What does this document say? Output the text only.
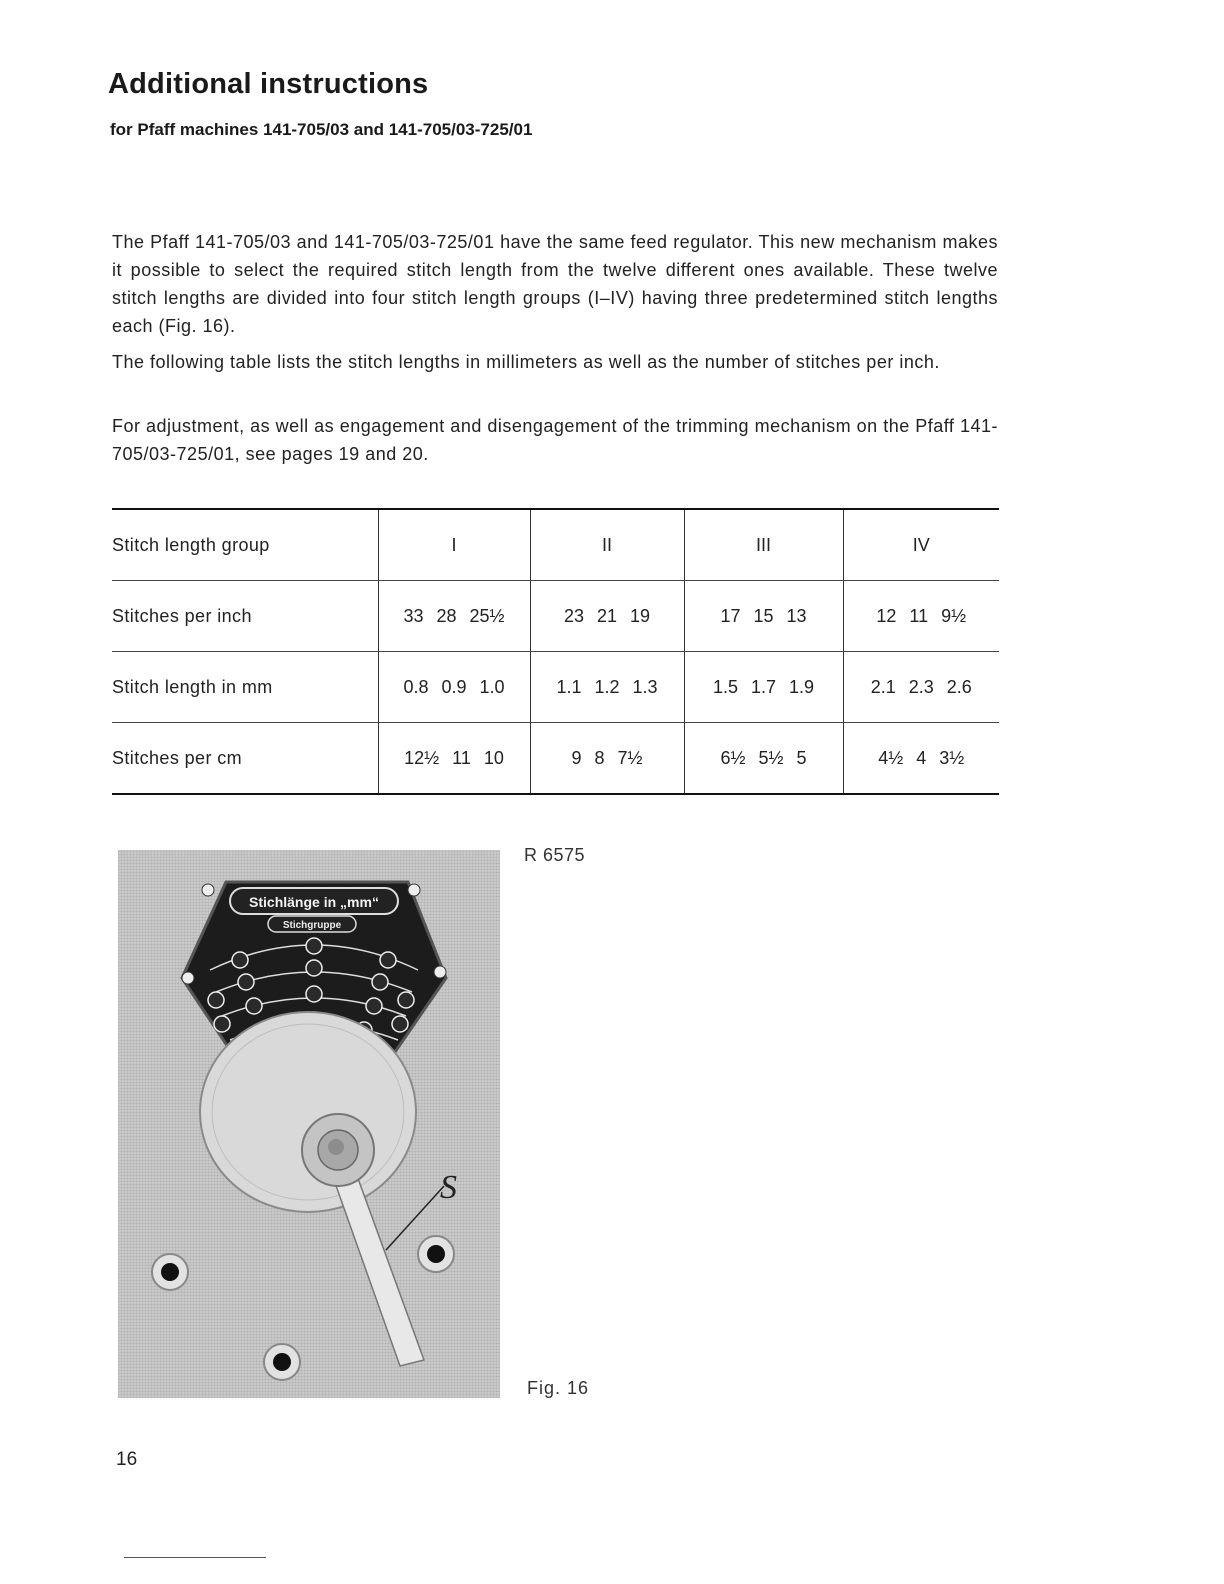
Additional instructions
for Pfaff machines 141-705/03 and 141-705/03-725/01

The Pfaff 141-705/03 and 141-705/03-725/01 have the same feed regulator. This new mechanism makes it possible to select the required stitch length from the twelve different ones available. These twelve stitch lengths are divided into four stitch length groups (I–IV) having three predetermined stitch lengths each (Fig. 16).

The following table lists the stitch lengths in millimeters as well as the number of stitches per inch.

For adjustment, as well as engagement and disengagement of the trimming mechanism on the Pfaff 141-705/03-725/01, see pages 19 and 20.

Stitch length group	I	II	III	IV
Stitches per inch	33 28 25½	23 21 19	17 15 13	12 11 9½
Stitch length in mm	0.8 0.9 1.0	1.1 1.2 1.3	1.5 1.7 1.9	2.1 2.3 2.6
Stitches per cm	12½ 11 10	9 8 7½	6½ 5½ 5	4½ 4 3½
Stichlänge in „mm“
Stichgruppe
S
R 6575
Fig. 16
16
